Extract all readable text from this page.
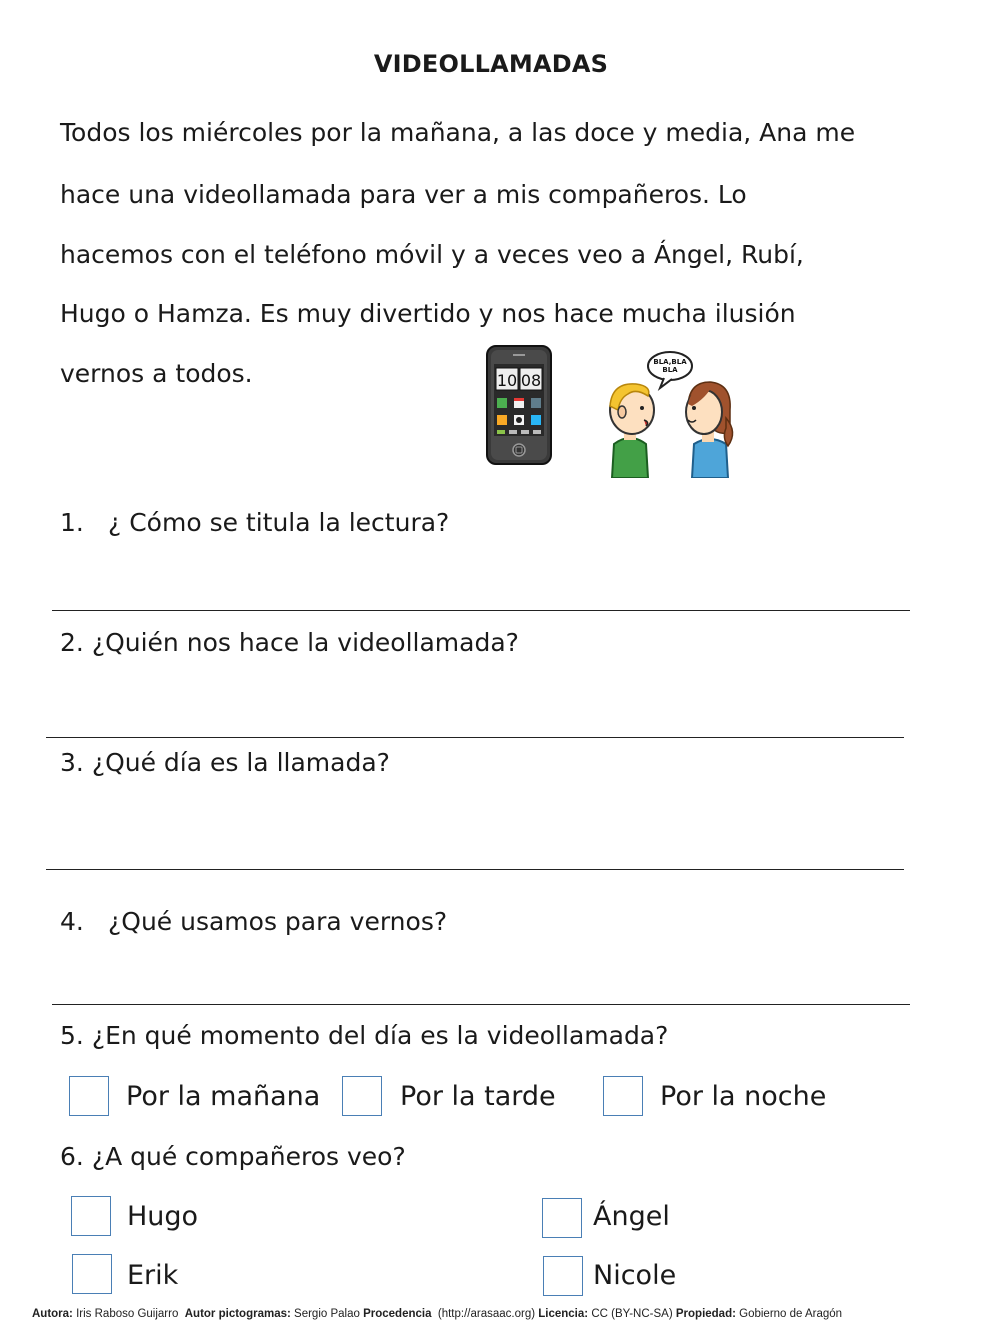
VIDEOLLAMADAS
Todos los miércoles por la mañana, a las doce y media, Ana me
hace una videollamada para ver a mis compañeros. Lo
hacemos con el teléfono móvil y a veces veo a Ángel, Rubí,
Hugo o Hamza. Es muy divertido y nos hace mucha ilusión
vernos a todos.	10 08
BLA,BLA
BLA
1. ¿ Cómo se titula la lectura?
2. ¿Quién nos hace la videollamada?
3. ¿Qué día es la llamada?
4. ¿Qué usamos para vernos?
5. ¿En qué momento del día es la videollamada?
Por la mañana	Por la tarde	Por la noche
6. ¿A qué compañeros veo?
Hugo	Ángel
Erik	Nicole
Autora: Iris Raboso Guijarro Autor pictogramas: Sergio Palao Procedencia (http://arasaac.org) Licencia: CC (BY-NC-SA) Propiedad: Gobierno de Aragón
